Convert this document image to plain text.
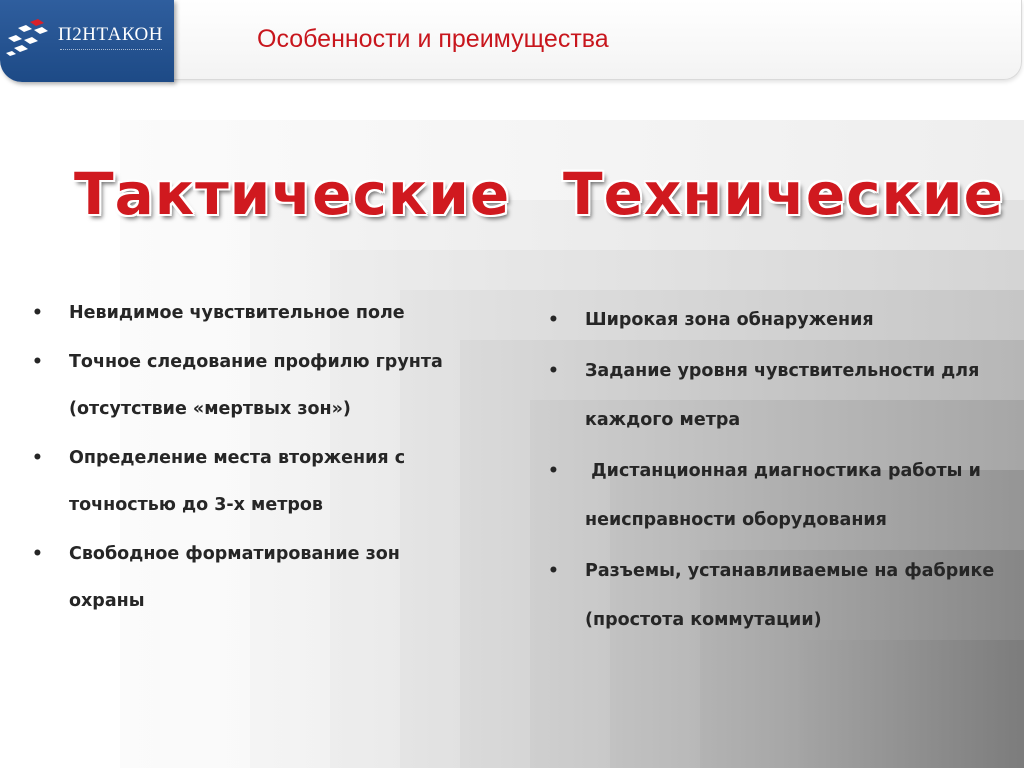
П2НТАКОН	Особенности и преимущества
Тактические Технические
• Невидимое чувствительное поле
• Точное следование профилю грунта (отсутствие «мертвых зон»)
• Определение места вторжения с точностью до 3-х метров
• Свободное форматирование зон охраны
• Широкая зона обнаружения
• Задание уровня чувствительности для каждого метра
• Дистанционная диагностика работы и неисправности оборудования
• Разъемы, устанавливаемые на фабрике (простота коммутации)
